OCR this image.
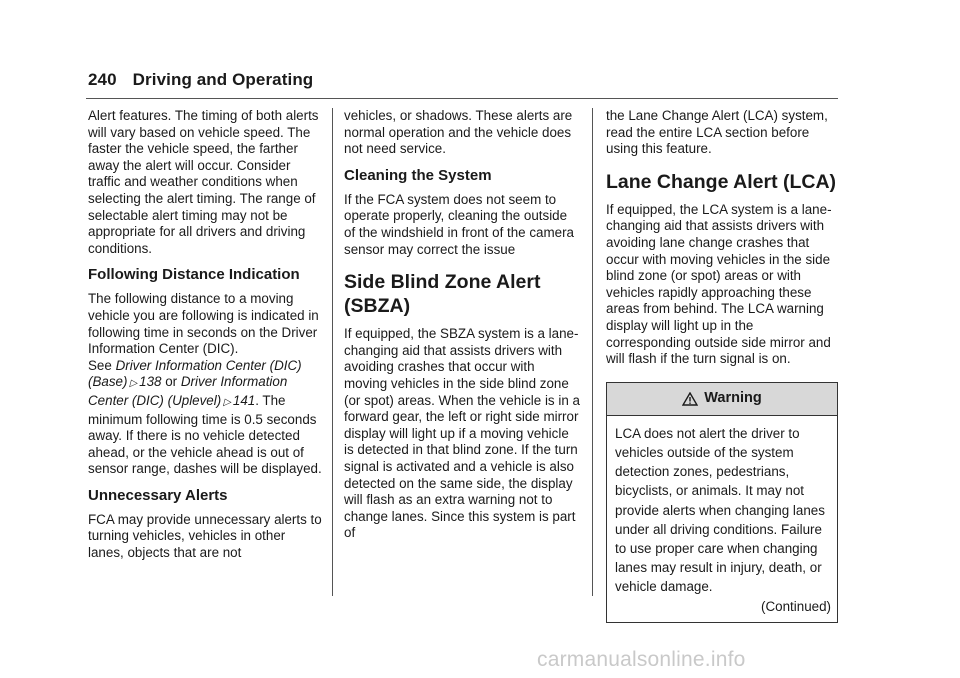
240 Driving and Operating

Alert features. The timing of both alerts will vary based on vehicle speed. The faster the vehicle speed, the farther away the alert will occur. Consider traffic and weather conditions when selecting the alert timing. The range of selectable alert timing may not be appropriate for all drivers and driving conditions.

Following Distance Indication

The following distance to a moving vehicle you are following is indicated in following time in seconds on the Driver Information Center (DIC).
See Driver Information Center (DIC) (Base) ▷ 138 or Driver Information Center (DIC) (Uplevel) ▷ 141. The minimum following time is 0.5 seconds away. If there is no vehicle detected ahead, or the vehicle ahead is out of sensor range, dashes will be displayed.

Unnecessary Alerts

FCA may provide unnecessary alerts to turning vehicles, vehicles in other lanes, objects that are not

vehicles, or shadows. These alerts are normal operation and the vehicle does not need service.

Cleaning the System

If the FCA system does not seem to operate properly, cleaning the outside of the windshield in front of the camera sensor may correct the issue

Side Blind Zone Alert (SBZA)

If equipped, the SBZA system is a lane-changing aid that assists drivers with avoiding crashes that occur with moving vehicles in the side blind zone (or spot) areas. When the vehicle is in a forward gear, the left or right side mirror display will light up if a moving vehicle is detected in that blind zone. If the turn signal is activated and a vehicle is also detected on the same side, the display will flash as an extra warning not to change lanes. Since this system is part of

the Lane Change Alert (LCA) system, read the entire LCA section before using this feature.

Lane Change Alert (LCA)

If equipped, the LCA system is a lane-changing aid that assists drivers with avoiding lane change crashes that occur with moving vehicles in the side blind zone (or spot) areas or with vehicles rapidly approaching these areas from behind. The LCA warning display will light up in the corresponding outside side mirror and will flash if the turn signal is on.

Warning

LCA does not alert the driver to vehicles outside of the system detection zones, pedestrians, bicyclists, or animals. It may not provide alerts when changing lanes under all driving conditions. Failure to use proper care when changing lanes may result in injury, death, or vehicle damage.

(Continued)

carmanualsonline.info
